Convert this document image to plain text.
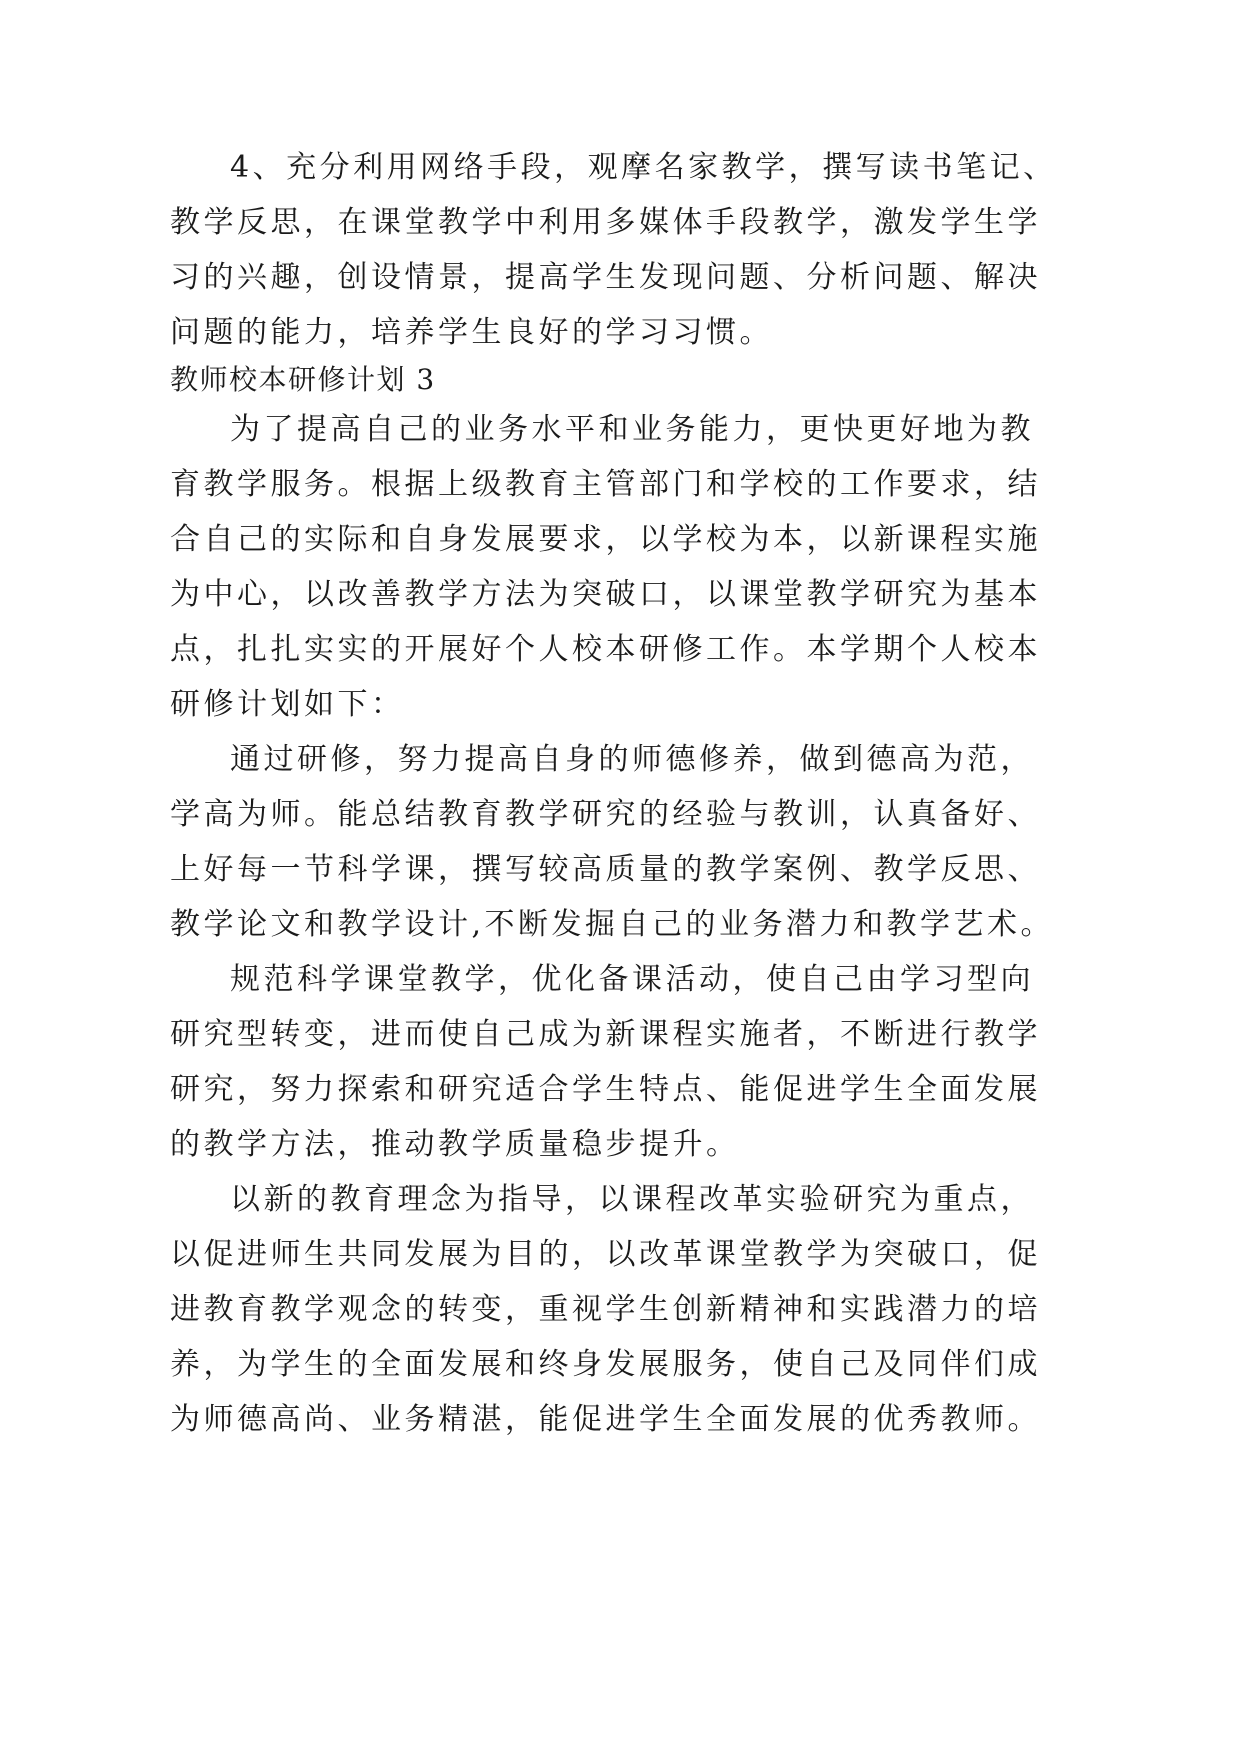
4、充分利用网络手段，观摩名家教学，撰写读书笔记、
教学反思，在课堂教学中利用多媒体手段教学，激发学生学
习的兴趣，创设情景，提高学生发现问题、分析问题、解决
问题的能力，培养学生良好的学习习惯。
教师校本研修计划 3
为了提高自己的业务水平和业务能力，更快更好地为教
育教学服务。根据上级教育主管部门和学校的工作要求，结
合自己的实际和自身发展要求，以学校为本，以新课程实施
为中心，以改善教学方法为突破口，以课堂教学研究为基本
点，扎扎实实的开展好个人校本研修工作。本学期个人校本
研修计划如下：
通过研修，努力提高自身的师德修养，做到德高为范，
学高为师。能总结教育教学研究的经验与教训，认真备好、
上好每一节科学课，撰写较高质量的教学案例、教学反思、
教学论文和教学设计,不断发掘自己的业务潜力和教学艺术。
规范科学课堂教学，优化备课活动，使自己由学习型向
研究型转变，进而使自己成为新课程实施者，不断进行教学
研究，努力探索和研究适合学生特点、能促进学生全面发展
的教学方法，推动教学质量稳步提升。
以新的教育理念为指导，以课程改革实验研究为重点，
以促进师生共同发展为目的，以改革课堂教学为突破口，促
进教育教学观念的转变，重视学生创新精神和实践潜力的培
养，为学生的全面发展和终身发展服务，使自己及同伴们成
为师德高尚、业务精湛，能促进学生全面发展的优秀教师。
